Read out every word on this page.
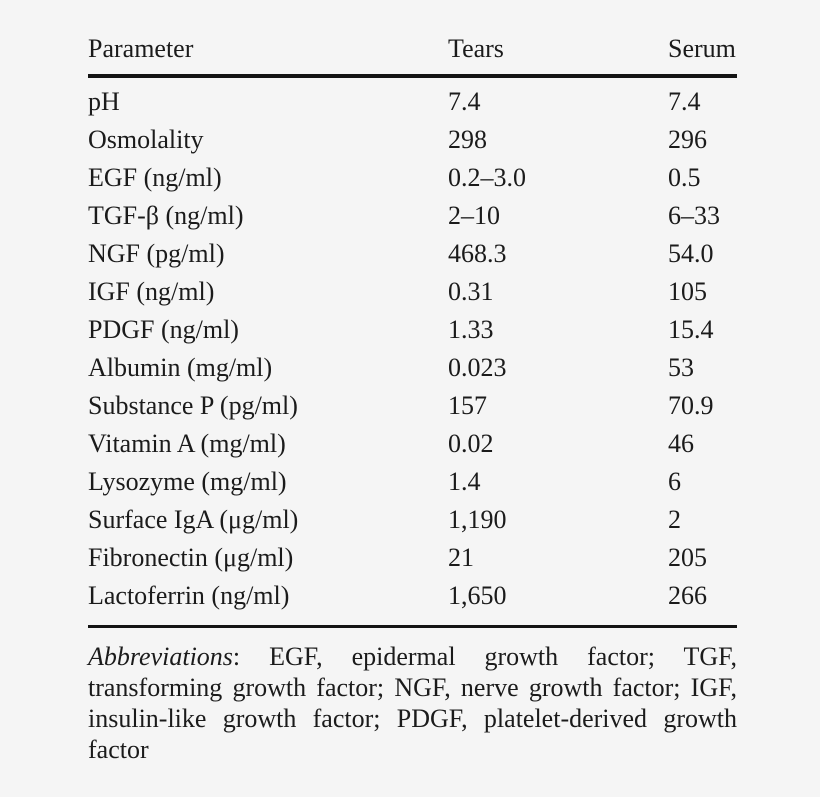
Parameter	Tears	Serum
pH	7.4	7.4
Osmolality	298	296
EGF (ng/ml)	0.2–3.0	0.5
TGF-β (ng/ml)	2–10	6–33
NGF (pg/ml)	468.3	54.0
IGF (ng/ml)	0.31	105
PDGF (ng/ml)	1.33	15.4
Albumin (mg/ml)	0.023	53
Substance P (pg/ml)	157	70.9
Vitamin A (mg/ml)	0.02	46
Lysozyme (mg/ml)	1.4	6
Surface IgA (μg/ml)	1,190	2
Fibronectin (μg/ml)	21	205
Lactoferrin (ng/ml)	1,650	266
Abbreviations: EGF, epidermal growth factor; TGF,
transforming growth factor; NGF, nerve growth factor; IGF,
insulin-like growth factor; PDGF, platelet-derived growth
factor
